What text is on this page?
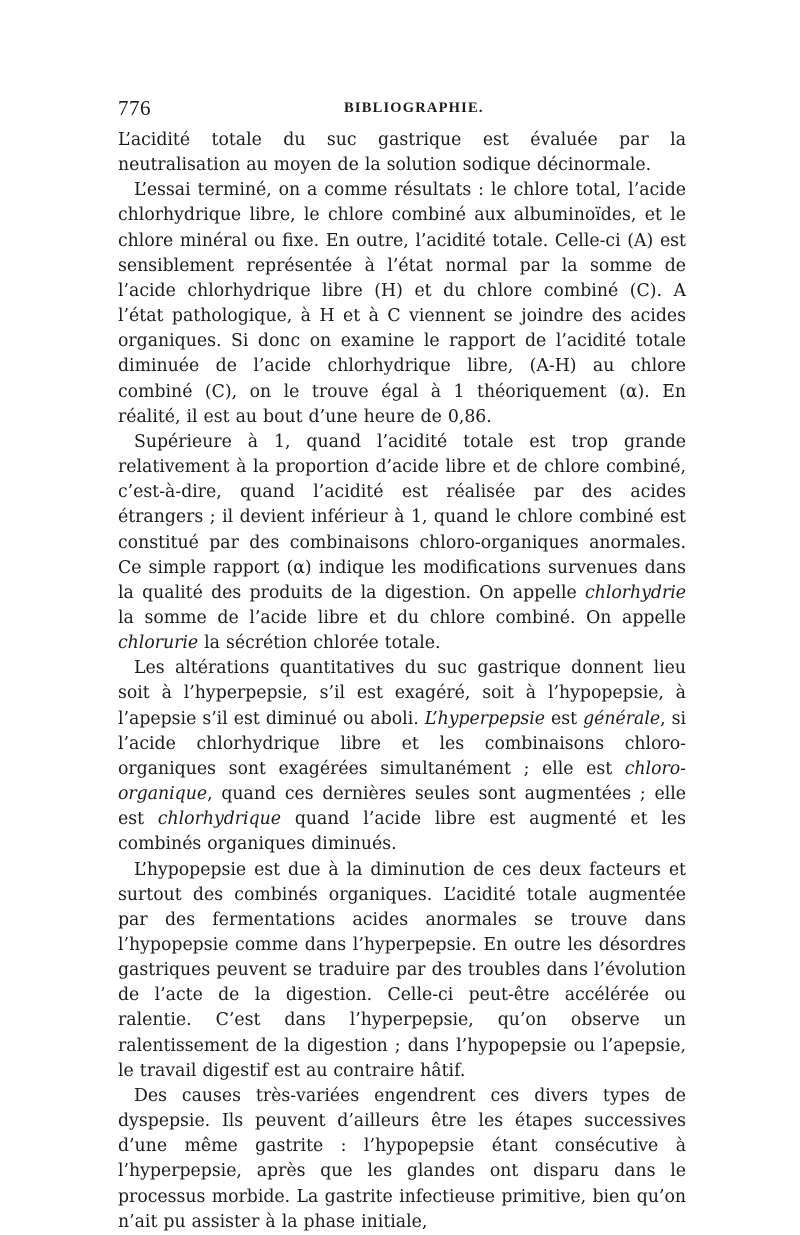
776	BIBLIOGRAPHIE.

L’acidité totale du suc gastrique est évaluée par la neutralisation au moyen de la solution sodique décinormale.

L’essai terminé, on a comme résultats : le chlore total, l’acide chlorhydrique libre, le chlore combiné aux albuminoïdes, et le chlore minéral ou fixe. En outre, l’acidité totale. Celle-ci (A) est sensiblement représentée à l’état normal par la somme de l’acide chlorhydrique libre (H) et du chlore combiné (C). A l’état pathologique, à H et à C viennent se joindre des acides organiques. Si donc on examine le rapport de l’acidité totale diminuée de l’acide chlorhydrique libre, (A-H) au chlore combiné (C), on le trouve égal à 1 théoriquement (α). En réalité, il est au bout d’une heure de 0,86.

Supérieure à 1, quand l’acidité totale est trop grande relativement à la proportion d’acide libre et de chlore combiné, c’est-à-dire, quand l’acidité est réalisée par des acides étrangers ; il devient inférieur à 1, quand le chlore combiné est constitué par des combinaisons chloro-organiques anormales. Ce simple rapport (α) indique les modifications survenues dans la qualité des produits de la digestion. On appelle chlorhydrie la somme de l’acide libre et du chlore combiné. On appelle chlorurie la sécrétion chlorée totale.

Les altérations quantitatives du suc gastrique donnent lieu soit à l’hyperpepsie, s’il est exagéré, soit à l’hypopepsie, à l’apepsie s’il est diminué ou aboli. L’hyperpepsie est générale, si l’acide chlorhydrique libre et les combinaisons chloro-organiques sont exagérées simultanément ; elle est chloro-organique, quand ces dernières seules sont augmentées ; elle est chlorhydrique quand l’acide libre est augmenté et les combinés organiques diminués.

L’hypopepsie est due à la diminution de ces deux facteurs et surtout des combinés organiques. L’acidité totale augmentée par des fermentations acides anormales se trouve dans l’hypopepsie comme dans l’hyperpepsie. En outre les désordres gastriques peuvent se traduire par des troubles dans l’évolution de l’acte de la digestion. Celle-ci peut-être accélérée ou ralentie. C’est dans l’hyperpepsie, qu’on observe un ralentissement de la digestion ; dans l’hypopepsie ou l’apepsie, le travail digestif est au contraire hâtif.

Des causes très-variées engendrent ces divers types de dyspepsie. Ils peuvent d’ailleurs être les étapes successives d’une même gastrite : l’hypopepsie étant consécutive à l’hyperpepsie, après que les glandes ont disparu dans le processus morbide. La gastrite infectieuse primitive, bien qu’on n’ait pu assister à la phase initiale,
